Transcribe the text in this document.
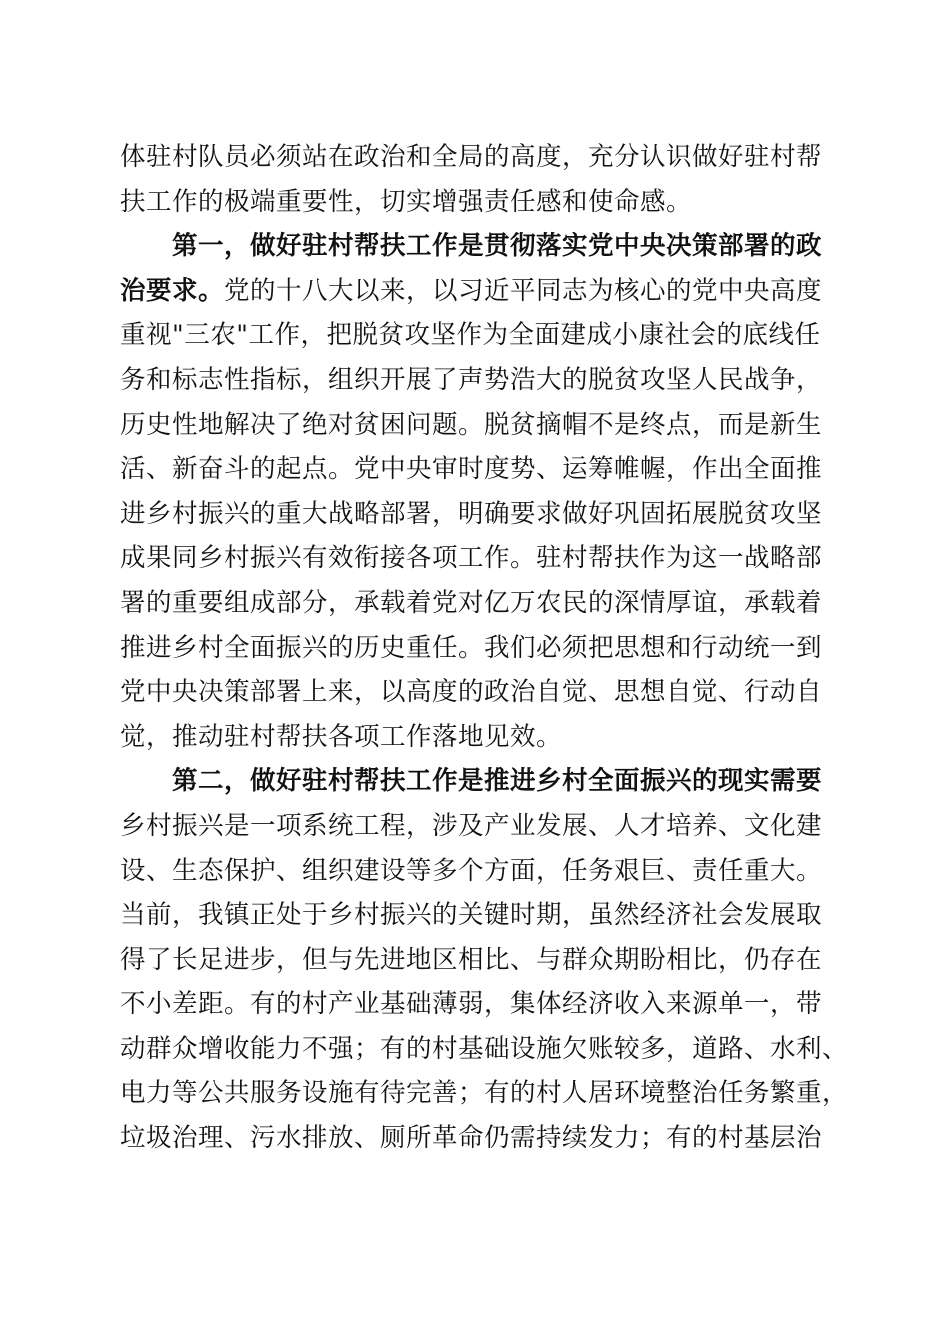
体驻村队员必须站在政治和全局的高度，充分认识做好驻村帮
扶工作的极端重要性，切实增强责任感和使命感。
第一，做好驻村帮扶工作是贯彻落实党中央决策部署的政
治要求。党的十八大以来，以习近平同志为核心的党中央高度
重视"三农"工作，把脱贫攻坚作为全面建成小康社会的底线任
务和标志性指标，组织开展了声势浩大的脱贫攻坚人民战争，
历史性地解决了绝对贫困问题。脱贫摘帽不是终点，而是新生
活、新奋斗的起点。党中央审时度势、运筹帷幄，作出全面推
进乡村振兴的重大战略部署，明确要求做好巩固拓展脱贫攻坚
成果同乡村振兴有效衔接各项工作。驻村帮扶作为这一战略部
署的重要组成部分，承载着党对亿万农民的深情厚谊，承载着
推进乡村全面振兴的历史重任。我们必须把思想和行动统一到
党中央决策部署上来，以高度的政治自觉、思想自觉、行动自
觉，推动驻村帮扶各项工作落地见效。
第二，做好驻村帮扶工作是推进乡村全面振兴的现实需要
乡村振兴是一项系统工程，涉及产业发展、人才培养、文化建
设、生态保护、组织建设等多个方面，任务艰巨、责任重大。
当前，我镇正处于乡村振兴的关键时期，虽然经济社会发展取
得了长足进步，但与先进地区相比、与群众期盼相比，仍存在
不小差距。有的村产业基础薄弱，集体经济收入来源单一，带
动群众增收能力不强；有的村基础设施欠账较多，道路、水利、
电力等公共服务设施有待完善；有的村人居环境整治任务繁重，
垃圾治理、污水排放、厕所革命仍需持续发力；有的村基层治
